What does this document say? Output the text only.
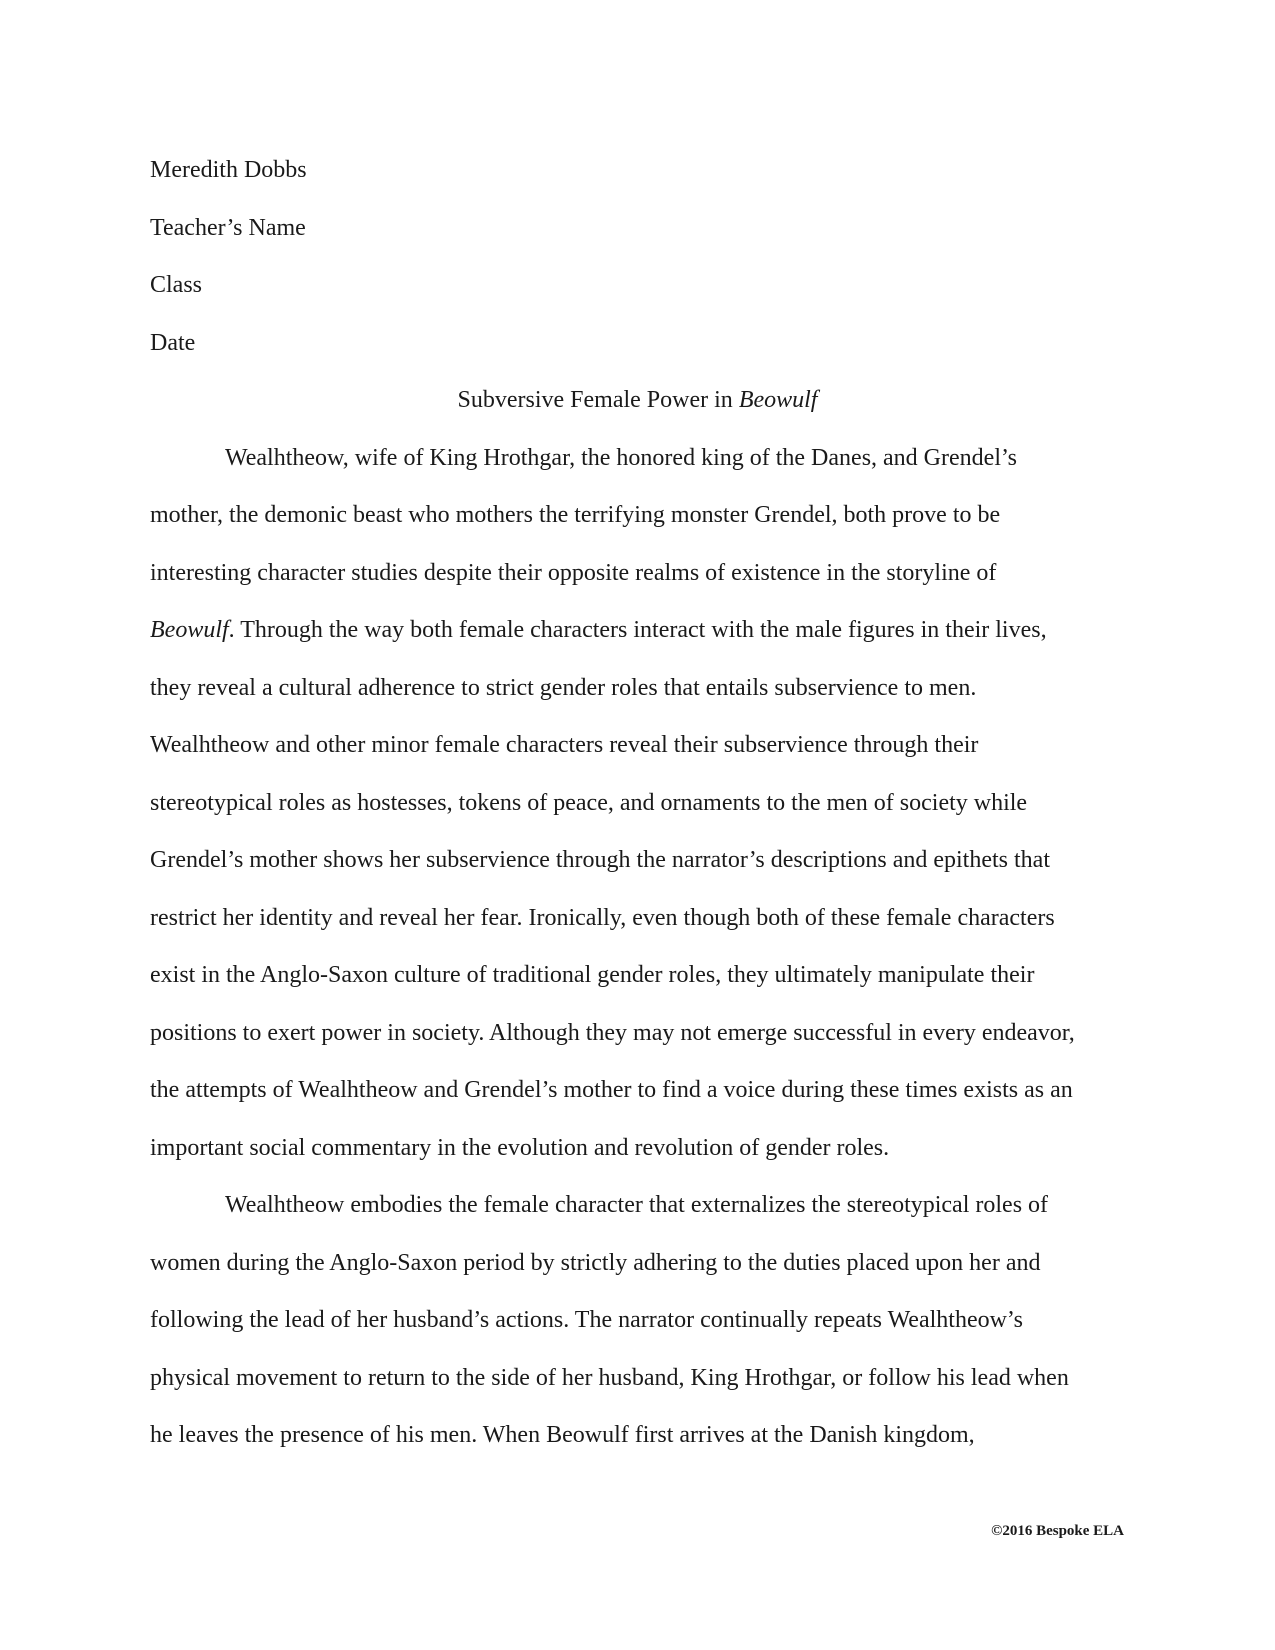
Meredith Dobbs
Teacher’s Name
Class
Date
Subversive Female Power in Beowulf
Wealhtheow, wife of King Hrothgar, the honored king of the Danes, and Grendel’s
mother, the demonic beast who mothers the terrifying monster Grendel, both prove to be
interesting character studies despite their opposite realms of existence in the storyline of
Beowulf. Through the way both female characters interact with the male figures in their lives,
they reveal a cultural adherence to strict gender roles that entails subservience to men.
Wealhtheow and other minor female characters reveal their subservience through their
stereotypical roles as hostesses, tokens of peace, and ornaments to the men of society while
Grendel’s mother shows her subservience through the narrator’s descriptions and epithets that
restrict her identity and reveal her fear. Ironically, even though both of these female characters
exist in the Anglo-Saxon culture of traditional gender roles, they ultimately manipulate their
positions to exert power in society. Although they may not emerge successful in every endeavor,
the attempts of Wealhtheow and Grendel’s mother to find a voice during these times exists as an
important social commentary in the evolution and revolution of gender roles.
Wealhtheow embodies the female character that externalizes the stereotypical roles of
women during the Anglo-Saxon period by strictly adhering to the duties placed upon her and
following the lead of her husband’s actions. The narrator continually repeats Wealhtheow’s
physical movement to return to the side of her husband, King Hrothgar, or follow his lead when
he leaves the presence of his men. When Beowulf first arrives at the Danish kingdom,
©2016 Bespoke ELA
